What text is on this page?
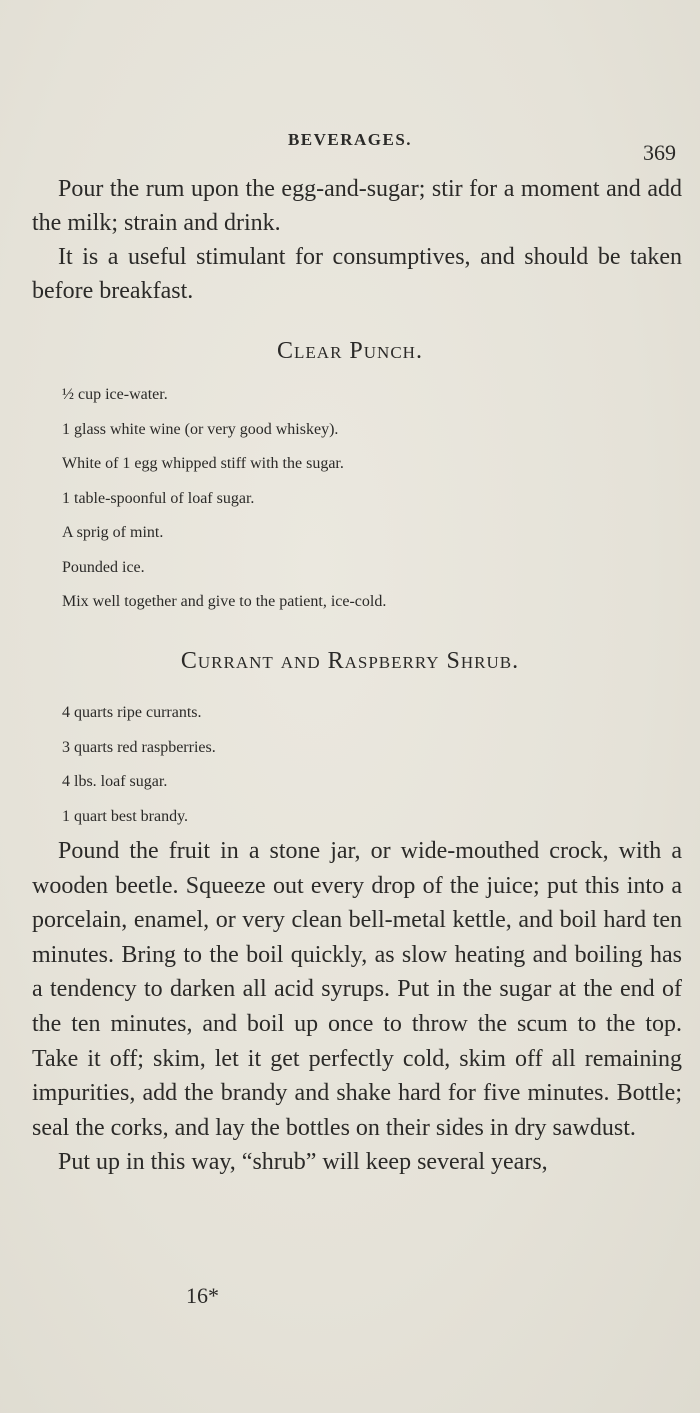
BEVERAGES.
369

Pour the rum upon the egg-and-sugar; stir for a moment and add the milk; strain and drink.

It is a useful stimulant for consumptives, and should be taken before breakfast.

Clear Punch.

½ cup ice-water.

1 glass white wine (or very good whiskey).

White of 1 egg whipped stiff with the sugar.

1 table-spoonful of loaf sugar.

A sprig of mint.

Pounded ice.

Mix well together and give to the patient, ice-cold.

Currant and Raspberry Shrub.

4 quarts ripe currants.

3 quarts red raspberries.

4 lbs. loaf sugar.

1 quart best brandy.

Pound the fruit in a stone jar, or wide-mouthed crock, with a wooden beetle. Squeeze out every drop of the juice; put this into a porcelain, enamel, or very clean bell-metal kettle, and boil hard ten minutes. Bring to the boil quickly, as slow heating and boiling has a tendency to darken all acid syrups. Put in the sugar at the end of the ten minutes, and boil up once to throw the scum to the top. Take it off; skim, let it get perfectly cold, skim off all remaining impurities, add the brandy and shake hard for five minutes. Bottle; seal the corks, and lay the bottles on their sides in dry sawdust.

Put up in this way, “shrub” will keep several years,

16*
